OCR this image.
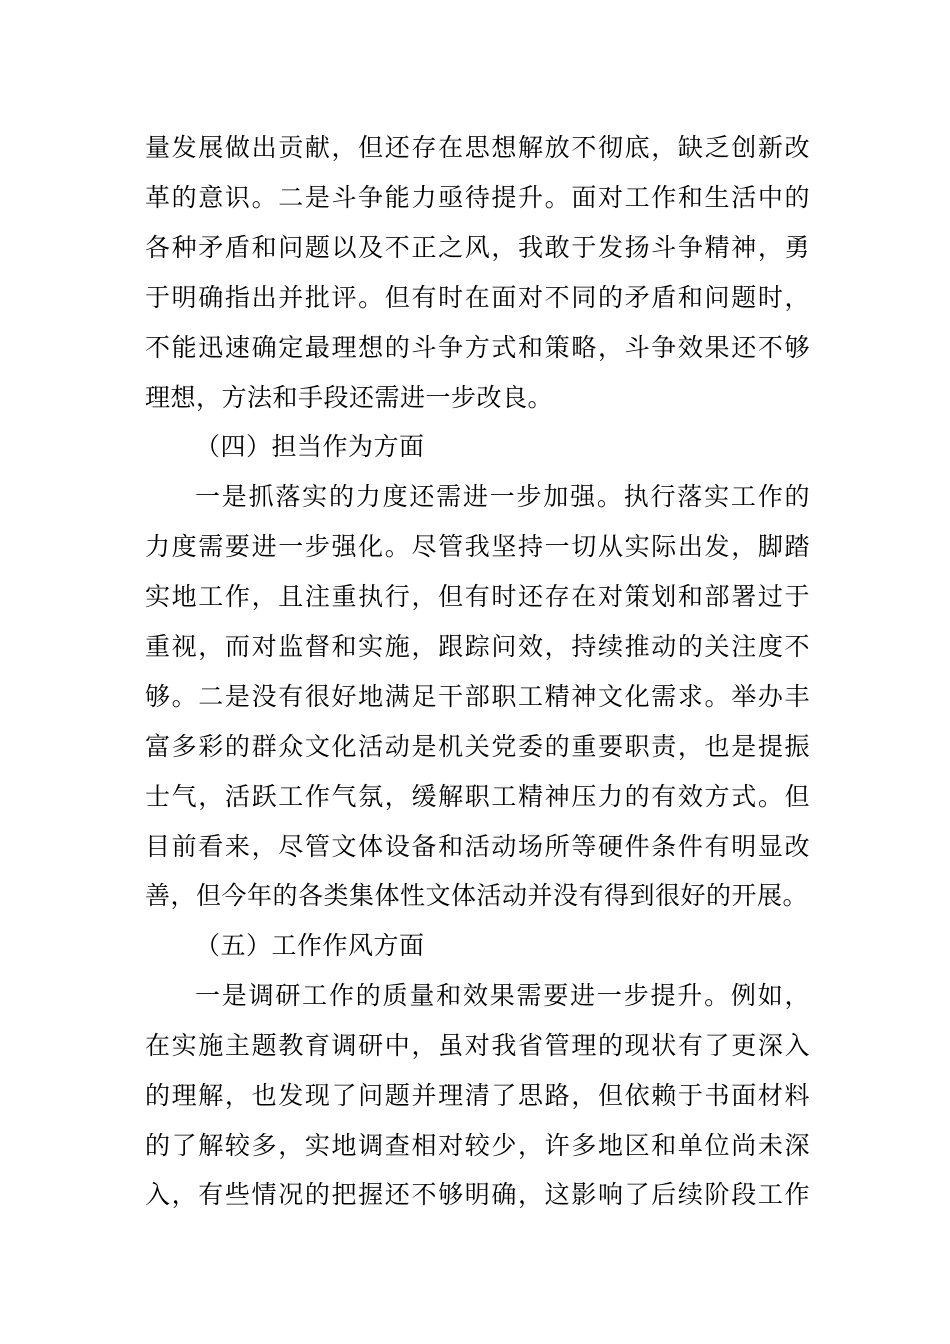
量发展做出贡献，但还存在思想解放不彻底，缺乏创新改
革的意识。二是斗争能力亟待提升。面对工作和生活中的
各种矛盾和问题以及不正之风，我敢于发扬斗争精神，勇
于明确指出并批评。但有时在面对不同的矛盾和问题时，
不能迅速确定最理想的斗争方式和策略，斗争效果还不够
理想，方法和手段还需进一步改良。
（四）担当作为方面
一是抓落实的力度还需进一步加强。执行落实工作的
力度需要进一步强化。尽管我坚持一切从实际出发，脚踏
实地工作，且注重执行，但有时还存在对策划和部署过于
重视，而对监督和实施，跟踪问效，持续推动的关注度不
够。二是没有很好地满足干部职工精神文化需求。举办丰
富多彩的群众文化活动是机关党委的重要职责，也是提振
士气，活跃工作气氛，缓解职工精神压力的有效方式。但
目前看来，尽管文体设备和活动场所等硬件条件有明显改
善，但今年的各类集体性文体活动并没有得到很好的开展。
（五）工作作风方面
一是调研工作的质量和效果需要进一步提升。例如，
在实施主题教育调研中，虽对我省管理的现状有了更深入
的理解，也发现了问题并理清了思路，但依赖于书面材料
的了解较多，实地调查相对较少，许多地区和单位尚未深
入，有些情况的把握还不够明确，这影响了后续阶段工作
